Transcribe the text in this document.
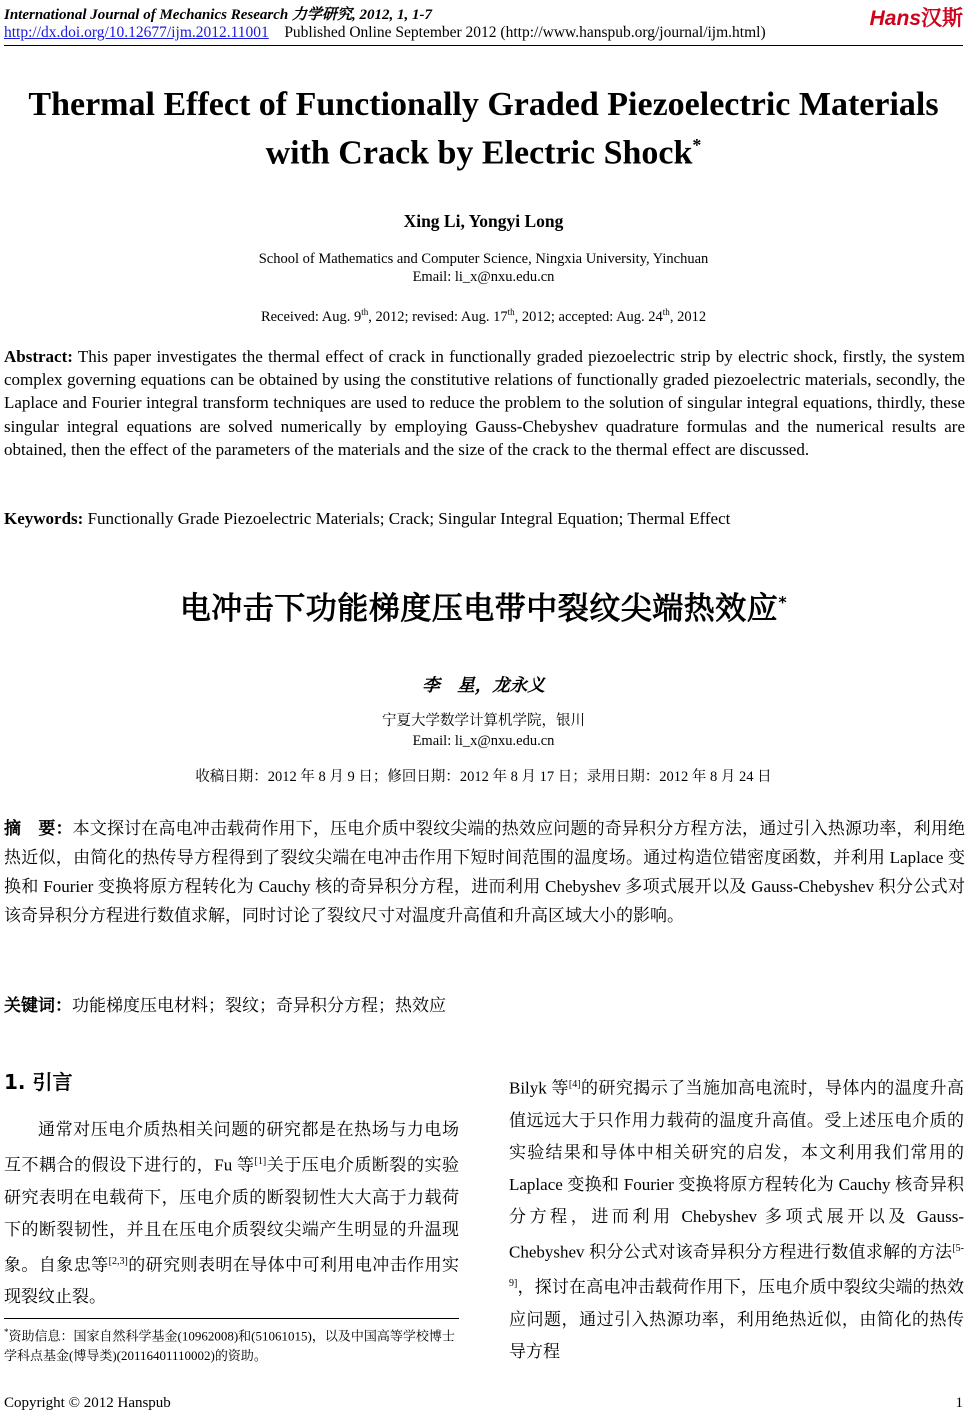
International Journal of Mechanics Research 力学研究, 2012, 1, 1-7
http://dx.doi.org/10.12677/ijm.2012.11001 Published Online September 2012 (http://www.hanspub.org/journal/ijm.html)
Hans汉斯
Thermal Effect of Functionally Graded Piezoelectric Materials
with Crack by Electric Shock*
Xing Li, Yongyi Long
School of Mathematics and Computer Science, Ningxia University, Yinchuan
Email: li_x@nxu.edu.cn
Received: Aug. 9th, 2012; revised: Aug. 17th, 2012; accepted: Aug. 24th, 2012
Abstract: This paper investigates the thermal effect of crack in functionally graded piezoelectric strip by electric shock, firstly, the system complex governing equations can be obtained by using the constitutive relations of functionally graded piezoelectric materials, secondly, the Laplace and Fourier integral transform techniques are used to reduce the problem to the solution of singular integral equations, thirdly, these singular integral equations are solved numerically by employing Gauss-Chebyshev quadrature formulas and the numerical results are obtained, then the effect of the parameters of the materials and the size of the crack to the thermal effect are discussed.
Keywords: Functionally Grade Piezoelectric Materials; Crack; Singular Integral Equation; Thermal Effect
电冲击下功能梯度压电带中裂纹尖端热效应*
李　星，龙永义
宁夏大学数学计算机学院，银川
Email: li_x@nxu.edu.cn
收稿日期：2012 年 8 月 9 日；修回日期：2012 年 8 月 17 日；录用日期：2012 年 8 月 24 日
摘　要：本文探讨在高电冲击载荷作用下，压电介质中裂纹尖端的热效应问题的奇异积分方程方法，通过引入热源功率，利用绝热近似，由简化的热传导方程得到了裂纹尖端在电冲击作用下短时间范围的温度场。通过构造位错密度函数，并利用 Laplace 变换和 Fourier 变换将原方程转化为 Cauchy 核的奇异积分方程，进而利用 Chebyshev 多项式展开以及 Gauss-Chebyshev 积分公式对该奇异积分方程进行数值求解，同时讨论了裂纹尺寸对温度升高值和升高区域大小的影响。
关键词：功能梯度压电材料；裂纹；奇异积分方程；热效应
1. 引言
通常对压电介质热相关问题的研究都是在热场与力电场互不耦合的假设下进行的，Fu 等[1]关于压电介质断裂的实验研究表明在电载荷下，压电介质的断裂韧性大大高于力载荷下的断裂韧性，并且在压电介质裂纹尖端产生明显的升温现象。自象忠等[2,3]的研究则表明在导体中可利用电冲击作用实现裂纹止裂。
Bilyk 等[4]的研究揭示了当施加高电流时，导体内的温度升高值远远大于只作用力载荷的温度升高值。受上述压电介质的实验结果和导体中相关研究的启发，本文利用我们常用的 Laplace 变换和 Fourier 变换将原方程转化为 Cauchy 核奇异积分方程，进而利用 Chebyshev 多项式展开以及 Gauss-Chebyshev 积分公式对该奇异积分方程进行数值求解的方法[5-9]，探讨在高电冲击载荷作用下，压电介质中裂纹尖端的热效应问题，通过引入热源功率，利用绝热近似，由简化的热传导方程
*资助信息：国家自然科学基金(10962008)和(51061015)，以及中国高等学校博士学科点基金(博导类)(20116401110002)的资助。
Copyright © 2012 Hanspub	1
